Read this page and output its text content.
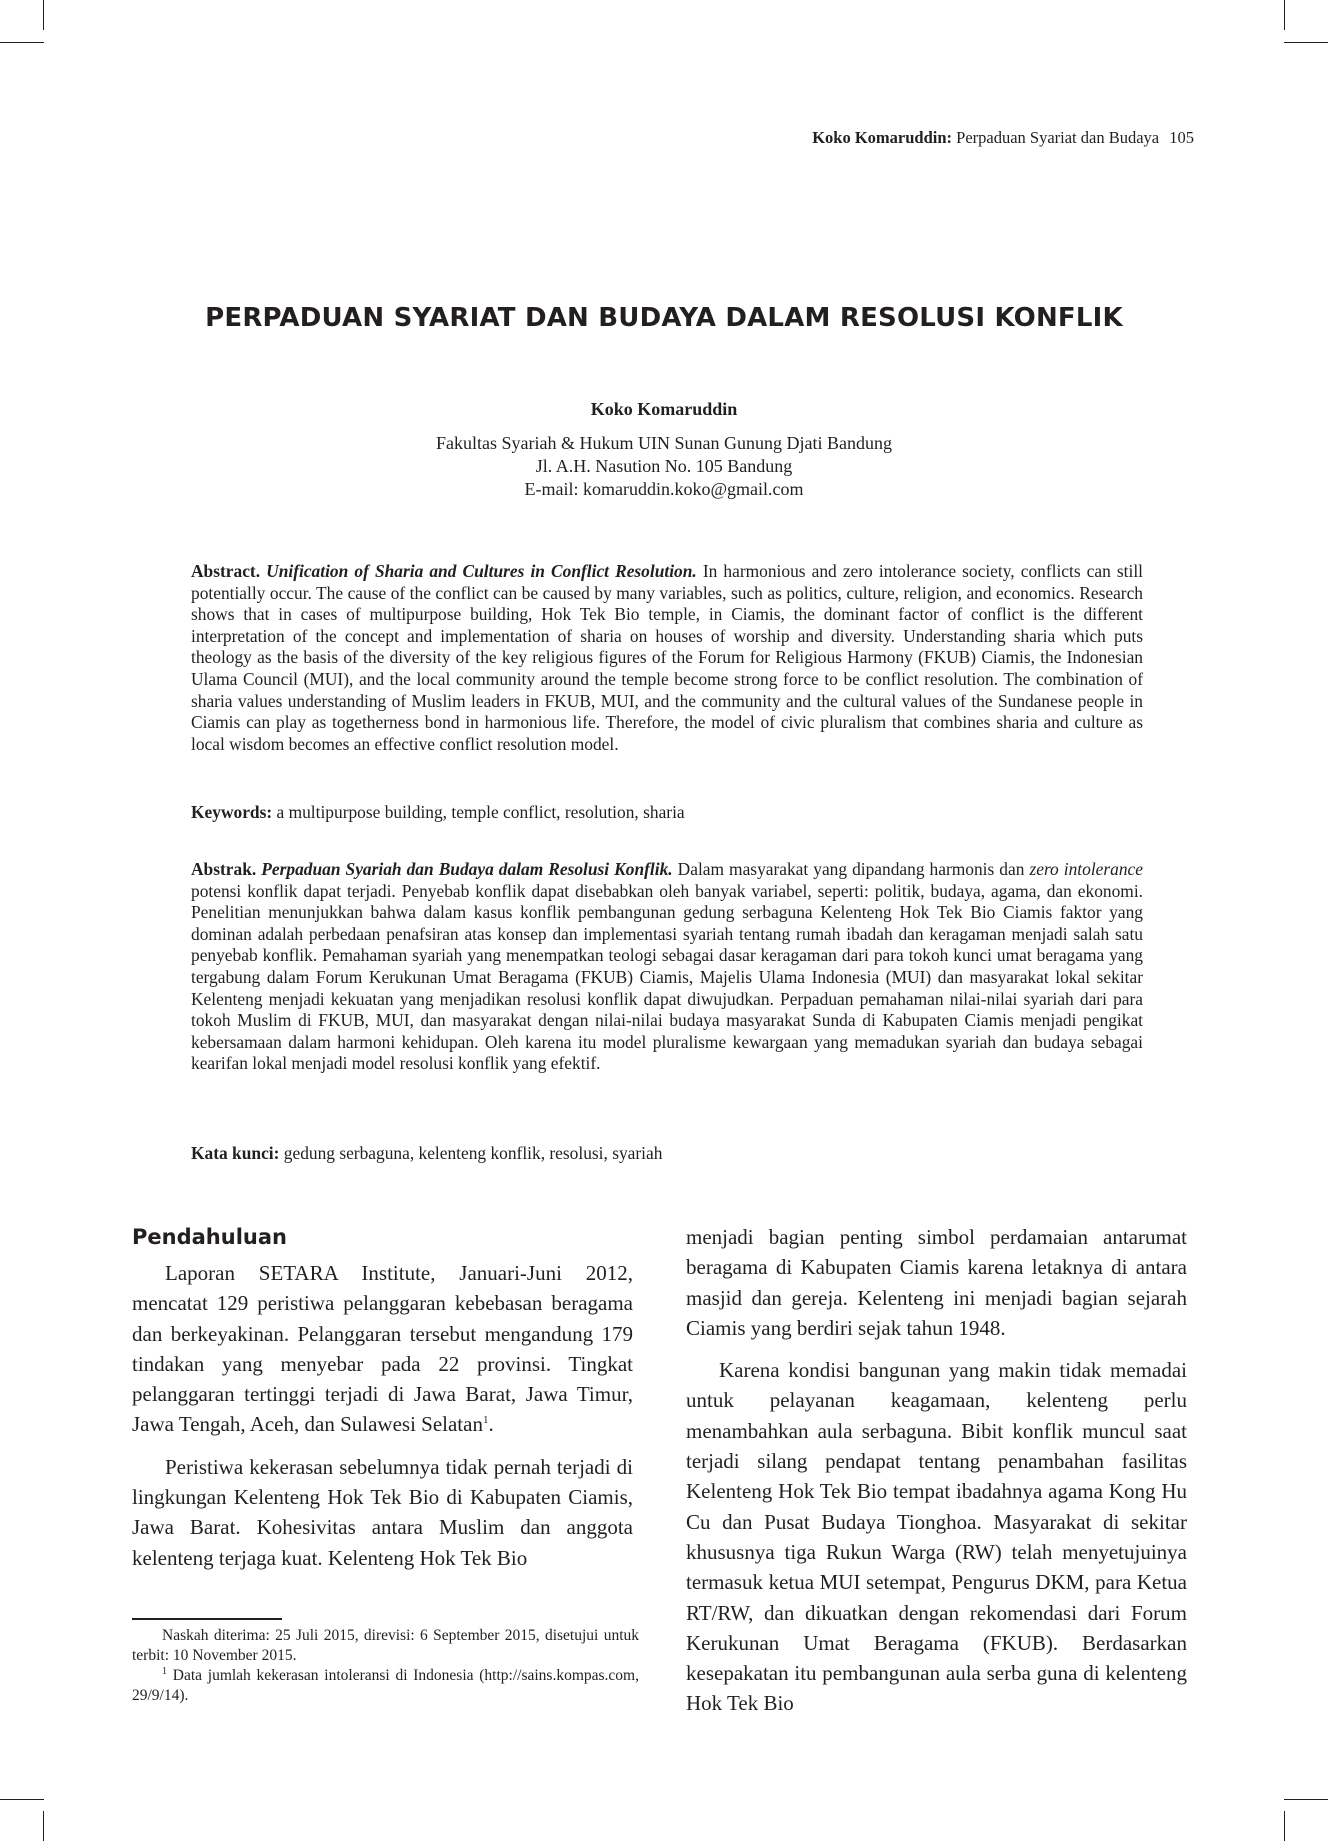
Koko Komaruddin: Perpaduan Syariat dan Budaya 105
PERPADUAN SYARIAT DAN BUDAYA DALAM RESOLUSI KONFLIK
Koko Komaruddin
Fakultas Syariah & Hukum UIN Sunan Gunung Djati Bandung
Jl. A.H. Nasution No. 105 Bandung
E-mail: komaruddin.koko@gmail.com
Abstract. Unification of Sharia and Cultures in Conflict Resolution. In harmonious and zero intolerance society, conflicts can still potentially occur. The cause of the conflict can be caused by many variables, such as politics, culture, religion, and economics. Research shows that in cases of multipurpose building, Hok Tek Bio temple, in Ciamis, the dominant factor of conflict is the different interpretation of the concept and implementation of sharia on houses of worship and diversity. Understanding sharia which puts theology as the basis of the diversity of the key religious figures of the Forum for Religious Harmony (FKUB) Ciamis, the Indonesian Ulama Council (MUI), and the local community around the temple become strong force to be conflict resolution. The combination of sharia values understanding of Muslim leaders in FKUB, MUI, and the community and the cultural values of the Sundanese people in Ciamis can play as togetherness bond in harmonious life. Therefore, the model of civic pluralism that combines sharia and culture as local wisdom becomes an effective conflict resolution model.
Keywords: a multipurpose building, temple conflict, resolution, sharia
Abstrak. Perpaduan Syariah dan Budaya dalam Resolusi Konflik. Dalam masyarakat yang dipandang harmonis dan zero intolerance potensi konflik dapat terjadi. Penyebab konflik dapat disebabkan oleh banyak variabel, seperti: politik, budaya, agama, dan ekonomi. Penelitian menunjukkan bahwa dalam kasus konflik pembangunan gedung serbaguna Kelenteng Hok Tek Bio Ciamis faktor yang dominan adalah perbedaan penafsiran atas konsep dan implementasi syariah tentang rumah ibadah dan keragaman menjadi salah satu penyebab konflik. Pemahaman syariah yang menempatkan teologi sebagai dasar keragaman dari para tokoh kunci umat beragama yang tergabung dalam Forum Kerukunan Umat Beragama (FKUB) Ciamis, Majelis Ulama Indonesia (MUI) dan masyarakat lokal sekitar Kelenteng menjadi kekuatan yang menjadikan resolusi konflik dapat diwujudkan. Perpaduan pemahaman nilai-nilai syariah dari para tokoh Muslim di FKUB, MUI, dan masyarakat dengan nilai-nilai budaya masyarakat Sunda di Kabupaten Ciamis menjadi pengikat kebersamaan dalam harmoni kehidupan. Oleh karena itu model pluralisme kewargaan yang memadukan syariah dan budaya sebagai kearifan lokal menjadi model resolusi konflik yang efektif.
Kata kunci: gedung serbaguna, kelenteng konflik, resolusi, syariah
Pendahuluan

Laporan SETARA Institute, Januari-Juni 2012, mencatat 129 peristiwa pelanggaran kebebasan beragama dan berkeyakinan. Pelanggaran tersebut mengandung 179 tindakan yang menyebar pada 22 provinsi. Tingkat pelanggaran tertinggi terjadi di Jawa Barat, Jawa Timur, Jawa Tengah, Aceh, dan Sulawesi Selatan$^1$.

Peristiwa kekerasan sebelumnya tidak pernah terjadi di lingkungan Kelenteng Hok Tek Bio di Kabupaten Ciamis, Jawa Barat. Kohesivitas antara Muslim dan anggota kelenteng terjaga kuat. Kelenteng Hok Tek Bio

menjadi bagian penting simbol perdamaian antarumat beragama di Kabupaten Ciamis karena letaknya di antara masjid dan gereja. Kelenteng ini menjadi bagian sejarah Ciamis yang berdiri sejak tahun 1948.

Karena kondisi bangunan yang makin tidak memadai untuk pelayanan keagamaan, kelenteng perlu menambahkan aula serbaguna. Bibit konflik muncul saat terjadi silang pendapat tentang penambahan fasilitas Kelenteng Hok Tek Bio tempat ibadahnya agama Kong Hu Cu dan Pusat Budaya Tionghoa. Masyarakat di sekitar khususnya tiga Rukun Warga (RW) telah menyetujuinya termasuk ketua MUI setempat, Pengurus DKM, para Ketua RT/RW, dan dikuatkan dengan rekomendasi dari Forum Kerukunan Umat Beragama (FKUB). Berdasarkan kesepakatan itu pembangunan aula serba guna di kelenteng Hok Tek Bio

Naskah diterima: 25 Juli 2015, direvisi: 6 September 2015, disetujui untuk terbit: 10 November 2015.

$^1$ Data jumlah kekerasan intoleransi di Indonesia (http://sains.kompas.com, 29/9/14).
